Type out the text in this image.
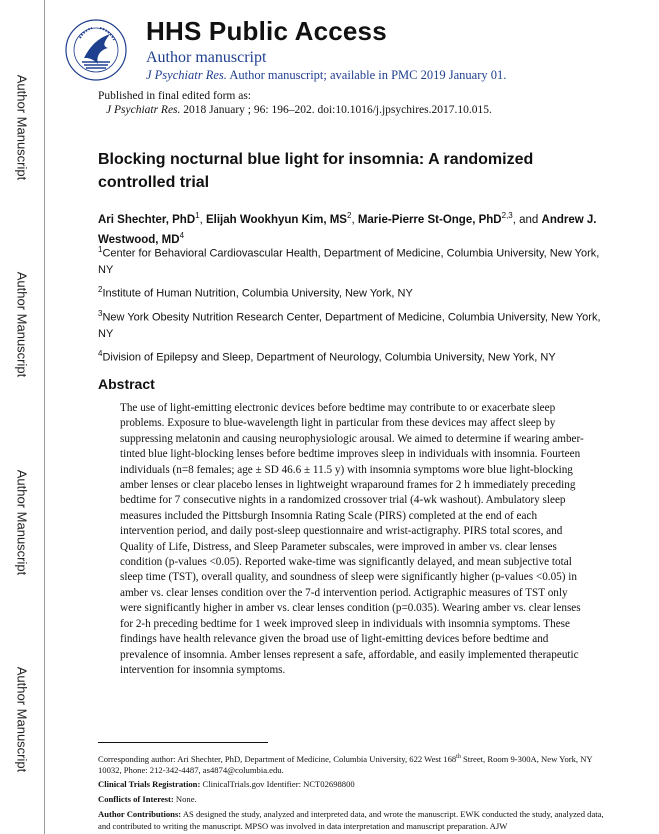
Author Manuscript
Author Manuscript
Author Manuscript
Author Manuscript
HHS Public Access
Author manuscript
J Psychiatr Res. Author manuscript; available in PMC 2019 January 01.
Published in final edited form as:
J Psychiatr Res. 2018 January ; 96: 196–202. doi:10.1016/j.jpsychires.2017.10.015.
Blocking nocturnal blue light for insomnia: A randomized controlled trial
Ari Shechter, PhD$^1$, Elijah Wookhyun Kim, $MS^2$, Marie-Pierre St-Onge, PhD$^{2,3}$, and Andrew J. Westwood, $MD^4$
$^1$Center for Behavioral Cardiovascular Health, Department of Medicine, Columbia University, New York, NY
$^2$Institute of Human Nutrition, Columbia University, New York, NY
$^3$New York Obesity Nutrition Research Center, Department of Medicine, Columbia University, New York, NY
$^4$Division of Epilepsy and Sleep, Department of Neurology, Columbia University, New York, NY
Abstract
The use of light-emitting electronic devices before bedtime may contribute to or exacerbate sleep problems. Exposure to blue-wavelength light in particular from these devices may affect sleep by suppressing melatonin and causing neurophysiologic arousal. We aimed to determine if wearing amber-tinted blue light-blocking lenses before bedtime improves sleep in individuals with insomnia. Fourteen individuals (n=8 females; age ± SD 46.6 ± 11.5 y) with insomnia symptoms wore blue light-blocking amber lenses or clear placebo lenses in lightweight wraparound frames for 2 h immediately preceding bedtime for 7 consecutive nights in a randomized crossover trial (4-wk washout). Ambulatory sleep measures included the Pittsburgh Insomnia Rating Scale (PIRS) completed at the end of each intervention period, and daily post-sleep questionnaire and wrist-actigraphy. PIRS total scores, and Quality of Life, Distress, and Sleep Parameter subscales, were improved in amber vs. clear lenses condition (p-values <0.05). Reported wake-time was significantly delayed, and mean subjective total sleep time (TST), overall quality, and soundness of sleep were significantly higher (p-values <0.05) in amber vs. clear lenses condition over the 7-d intervention period. Actigraphic measures of TST only were significantly higher in amber vs. clear lenses condition (p=0.035). Wearing amber vs. clear lenses for 2-h preceding bedtime for 1 week improved sleep in individuals with insomnia symptoms. These findings have health relevance given the broad use of light-emitting devices before bedtime and prevalence of insomnia. Amber lenses represent a safe, affordable, and easily implemented therapeutic intervention for insomnia symptoms.
Corresponding author: Ari Shechter, PhD, Department of Medicine, Columbia University, 622 West 168th Street, Room 9-300A, New York, NY 10032, Phone: 212-342-4487, as4874@columbia.edu.
Clinical Trials Registration: ClinicalTrials.gov Identifier: NCT02698800
Conflicts of Interest: None.
Author Contributions: AS designed the study, analyzed and interpreted data, and wrote the manuscript. EWK conducted the study, analyzed data, and contributed to writing the manuscript. MPSO was involved in data interpretation and manuscript preparation. AJW
